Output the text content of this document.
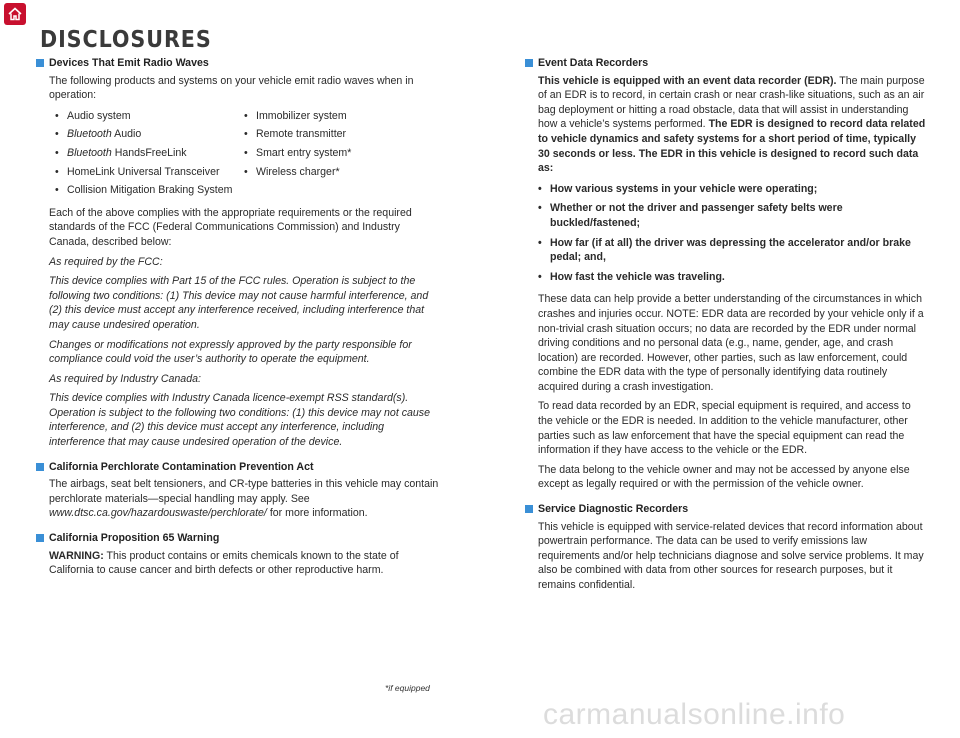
DISCLOSURES
Devices That Emit Radio Waves

The following products and systems on your vehicle emit radio waves when in operation:

• Audio system	• Immobilizer system
• Bluetooth Audio	• Remote transmitter
• Bluetooth HandsFreeLink	• Smart entry system*
• HomeLink Universal Transceiver • Wireless charger*
• Collision Mitigation Braking System

Each of the above complies with the appropriate requirements or the required standards of the FCC (Federal Communications Commission) and Industry Canada, described below:

As required by the FCC:

This device complies with Part 15 of the FCC rules. Operation is subject to the following two conditions: (1) This device may not cause harmful interference, and (2) this device must accept any interference received, including interference that may cause undesired operation.

Changes or modifications not expressly approved by the party responsible for compliance could void the user’s authority to operate the equipment.

As required by Industry Canada:

This device complies with Industry Canada licence-exempt RSS standard(s). Operation is subject to the following two conditions: (1) this device may not cause interference, and (2) this device must accept any interference, including interference that may cause undesired operation of the device.

California Perchlorate Contamination Prevention Act

The airbags, seat belt tensioners, and CR-type batteries in this vehicle may contain perchlorate materials—special handling may apply. See www.dtsc.ca.gov/hazardouswaste/perchlorate/ for more information.

California Proposition 65 Warning

WARNING: This product contains or emits chemicals known to the state of California to cause cancer and birth defects or other reproductive harm.

Event Data Recorders

This vehicle is equipped with an event data recorder (EDR). The main purpose of an EDR is to record, in certain crash or near crash-like situations, such as an air bag deployment or hitting a road obstacle, data that will assist in understanding how a vehicle’s systems performed. The EDR is designed to record data related to vehicle dynamics and safety systems for a short period of time, typically 30 seconds or less. The EDR in this vehicle is designed to record such data as:

• How various systems in your vehicle were operating;
• Whether or not the driver and passenger safety belts were buckled/fastened;
• How far (if at all) the driver was depressing the accelerator and/or brake pedal; and,
• How fast the vehicle was traveling.

These data can help provide a better understanding of the circumstances in which crashes and injuries occur. NOTE: EDR data are recorded by your vehicle only if a non-trivial crash situation occurs; no data are recorded by the EDR under normal driving conditions and no personal data (e.g., name, gender, age, and crash location) are recorded. However, other parties, such as law enforcement, could combine the EDR data with the type of personally identifying data routinely acquired during a crash investigation.

To read data recorded by an EDR, special equipment is required, and access to the vehicle or the EDR is needed. In addition to the vehicle manufacturer, other parties such as law enforcement that have the special equipment can read the information if they have access to the vehicle or the EDR.

The data belong to the vehicle owner and may not be accessed by anyone else except as legally required or with the permission of the vehicle owner.

Service Diagnostic Recorders

This vehicle is equipped with service-related devices that record information about powertrain performance. The data can be used to verify emissions law requirements and/or help technicians diagnose and solve service problems. It may also be combined with data from other sources for research purposes, but it remains confidential.

*if equipped
carmanualsonline.info
